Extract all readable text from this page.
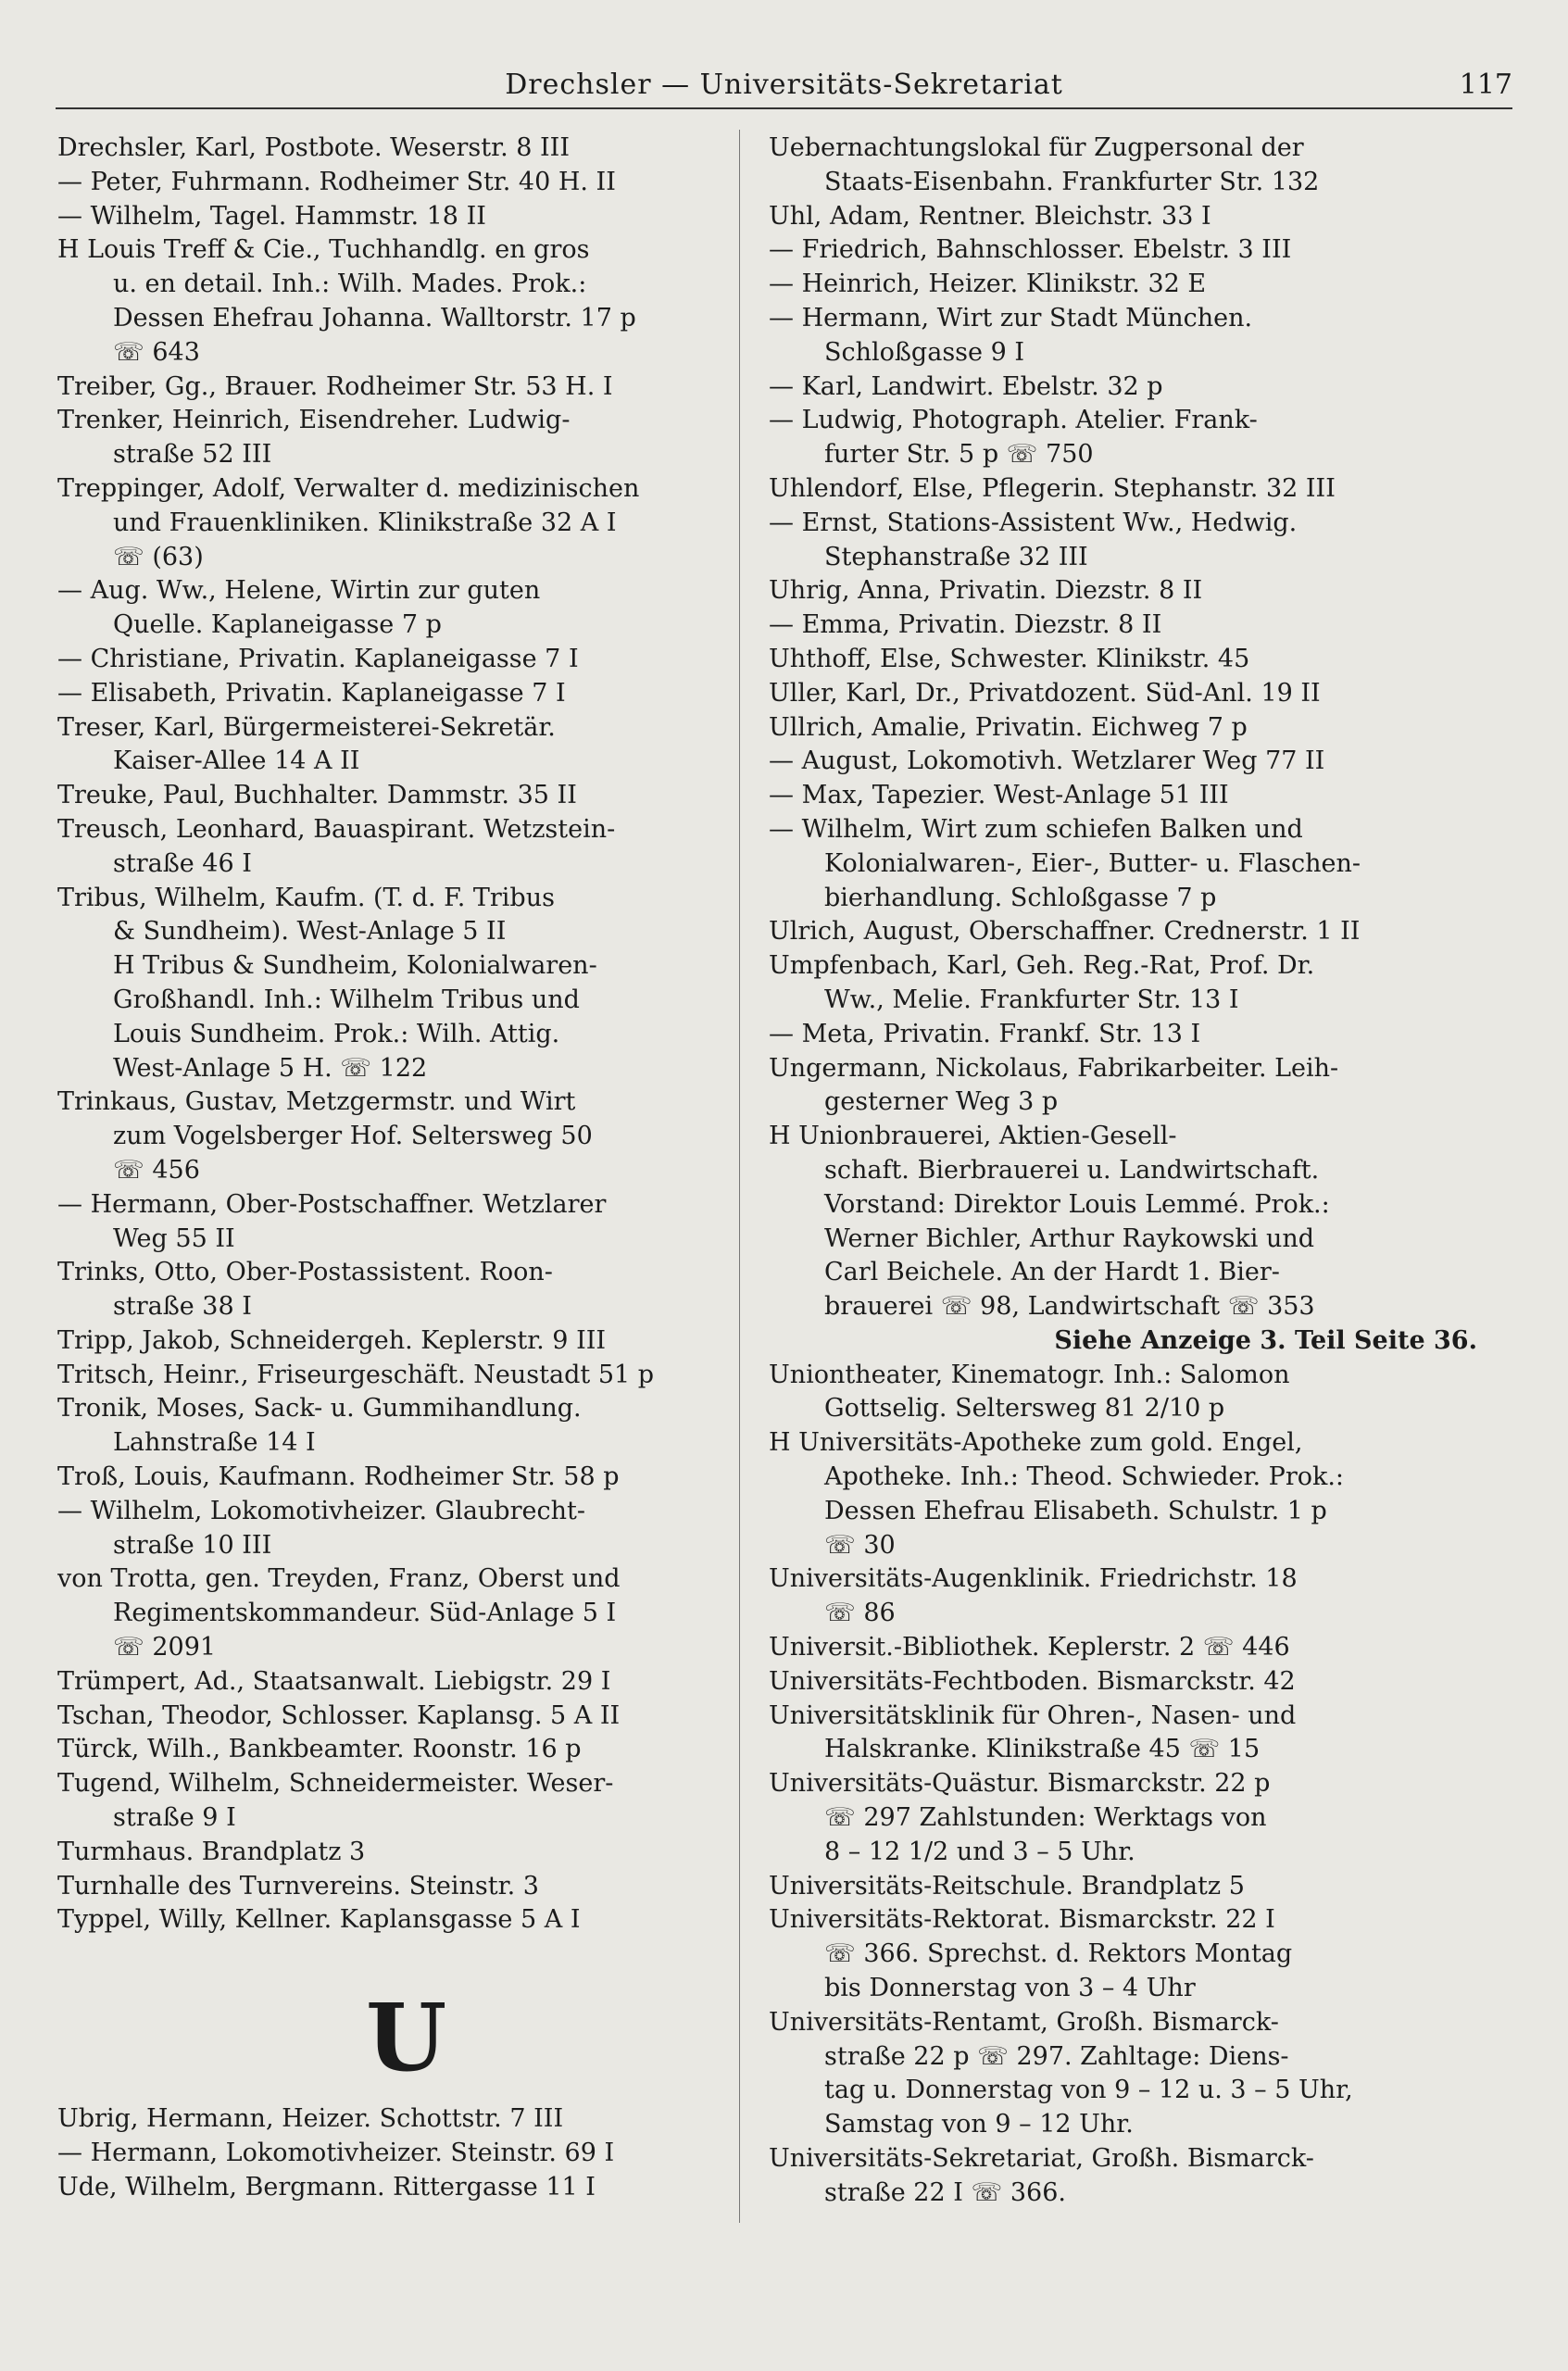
Drechsler — Universitäts-Sekretariat	117
Drechsler, Karl, Postbote. Weserstr. 8 III
— Peter, Fuhrmann. Rodheimer Str. 40 H. II
— Wilhelm, Tagel. Hammstr. 18 II
H Louis Treff & Cie., Tuchhandlg. en gros
u. en detail. Inh.: Wilh. Mades. Prok.:
Dessen Ehefrau Johanna. Walltorstr. 17 p
☏ 643
Treiber, Gg., Brauer. Rodheimer Str. 53 H. I
Trenker, Heinrich, Eisendreher. Ludwig-
straße 52 III
Treppinger, Adolf, Verwalter d. medizinischen
und Frauenkliniken. Klinikstraße 32 A I
☏ (63)
— Aug. Ww., Helene, Wirtin zur guten
Quelle. Kaplaneigasse 7 p
— Christiane, Privatin. Kaplaneigasse 7 I
— Elisabeth, Privatin. Kaplaneigasse 7 I
Treser, Karl, Bürgermeisterei-Sekretär.
Kaiser-Allee 14 A II
Treuke, Paul, Buchhalter. Dammstr. 35 II
Treusch, Leonhard, Bauaspirant. Wetzstein-
straße 46 I
Tribus, Wilhelm, Kaufm. (T. d. F. Tribus
& Sundheim). West-Anlage 5 II
H Tribus & Sundheim, Kolonialwaren-
Großhandl. Inh.: Wilhelm Tribus und
Louis Sundheim. Prok.: Wilh. Attig.
West-Anlage 5 H. ☏ 122
Trinkaus, Gustav, Metzgermstr. und Wirt
zum Vogelsberger Hof. Seltersweg 50
☏ 456
— Hermann, Ober-Postschaffner. Wetzlarer
Weg 55 II
Trinks, Otto, Ober-Postassistent. Roon-
straße 38 I
Tripp, Jakob, Schneidergeh. Keplerstr. 9 III
Tritsch, Heinr., Friseurgeschäft. Neustadt 51 p
Tronik, Moses, Sack- u. Gummihandlung.
Lahnstraße 14 I
Troß, Louis, Kaufmann. Rodheimer Str. 58 p
— Wilhelm, Lokomotivheizer. Glaubrecht-
straße 10 III
von Trotta, gen. Treyden, Franz, Oberst und
Regimentskommandeur. Süd-Anlage 5 I
☏ 2091
Trümpert, Ad., Staatsanwalt. Liebigstr. 29 I
Tschan, Theodor, Schlosser. Kaplansg. 5 A II
Türck, Wilh., Bankbeamter. Roonstr. 16 p
Tugend, Wilhelm, Schneidermeister. Weser-
straße 9 I
Turmhaus. Brandplatz 3
Turnhalle des Turnvereins. Steinstr. 3
Typpel, Willy, Kellner. Kaplansgasse 5 A I
U
Ubrig, Hermann, Heizer. Schottstr. 7 III
— Hermann, Lokomotivheizer. Steinstr. 69 I
Ude, Wilhelm, Bergmann. Rittergasse 11 I
Uebernachtungslokal für Zugpersonal der
Staats-Eisenbahn. Frankfurter Str. 132
Uhl, Adam, Rentner. Bleichstr. 33 I
— Friedrich, Bahnschlosser. Ebelstr. 3 III
— Heinrich, Heizer. Klinikstr. 32 E
— Hermann, Wirt zur Stadt München.
Schloßgasse 9 I
— Karl, Landwirt. Ebelstr. 32 p
— Ludwig, Photograph. Atelier. Frank-
furter Str. 5 p ☏ 750
Uhlendorf, Else, Pflegerin. Stephanstr. 32 III
— Ernst, Stations-Assistent Ww., Hedwig.
Stephanstraße 32 III
Uhrig, Anna, Privatin. Diezstr. 8 II
— Emma, Privatin. Diezstr. 8 II
Uhthoff, Else, Schwester. Klinikstr. 45
Uller, Karl, Dr., Privatdozent. Süd-Anl. 19 II
Ullrich, Amalie, Privatin. Eichweg 7 p
— August, Lokomotivh. Wetzlarer Weg 77 II
— Max, Tapezier. West-Anlage 51 III
— Wilhelm, Wirt zum schiefen Balken und
Kolonialwaren-, Eier-, Butter- u. Flaschen-
bierhandlung. Schloßgasse 7 p
Ulrich, August, Oberschaffner. Crednerstr. 1 II
Umpfenbach, Karl, Geh. Reg.-Rat, Prof. Dr.
Ww., Melie. Frankfurter Str. 13 I
— Meta, Privatin. Frankf. Str. 13 I
Ungermann, Nickolaus, Fabrikarbeiter. Leih-
gesterner Weg 3 p
H Unionbrauerei, Aktien-Gesell-
schaft. Bierbrauerei u. Landwirtschaft.
Vorstand: Direktor Louis Lemmé. Prok.:
Werner Bichler, Arthur Raykowski und
Carl Beichele. An der Hardt 1. Bier-
brauerei ☏ 98, Landwirtschaft ☏ 353
Siehe Anzeige 3. Teil Seite 36.
Uniontheater, Kinematogr. Inh.: Salomon
Gottselig. Seltersweg 81 2/10 p
H Universitäts-Apotheke zum gold. Engel,
Apotheke. Inh.: Theod. Schwieder. Prok.:
Dessen Ehefrau Elisabeth. Schulstr. 1 p
☏ 30
Universitäts-Augenklinik. Friedrichstr. 18
☏ 86
Universit.-Bibliothek. Keplerstr. 2 ☏ 446
Universitäts-Fechtboden. Bismarckstr. 42
Universitätsklinik für Ohren-, Nasen- und
Halskranke. Klinikstraße 45 ☏ 15
Universitäts-Quästur. Bismarckstr. 22 p
☏ 297 Zahlstunden: Werktags von
8 – 12 1/2 und 3 – 5 Uhr.
Universitäts-Reitschule. Brandplatz 5
Universitäts-Rektorat. Bismarckstr. 22 I
☏ 366. Sprechst. d. Rektors Montag
bis Donnerstag von 3 – 4 Uhr
Universitäts-Rentamt, Großh. Bismarck-
straße 22 p ☏ 297. Zahltage: Diens-
tag u. Donnerstag von 9 – 12 u. 3 – 5 Uhr,
Samstag von 9 – 12 Uhr.
Universitäts-Sekretariat, Großh. Bismarck-
straße 22 I ☏ 366.
